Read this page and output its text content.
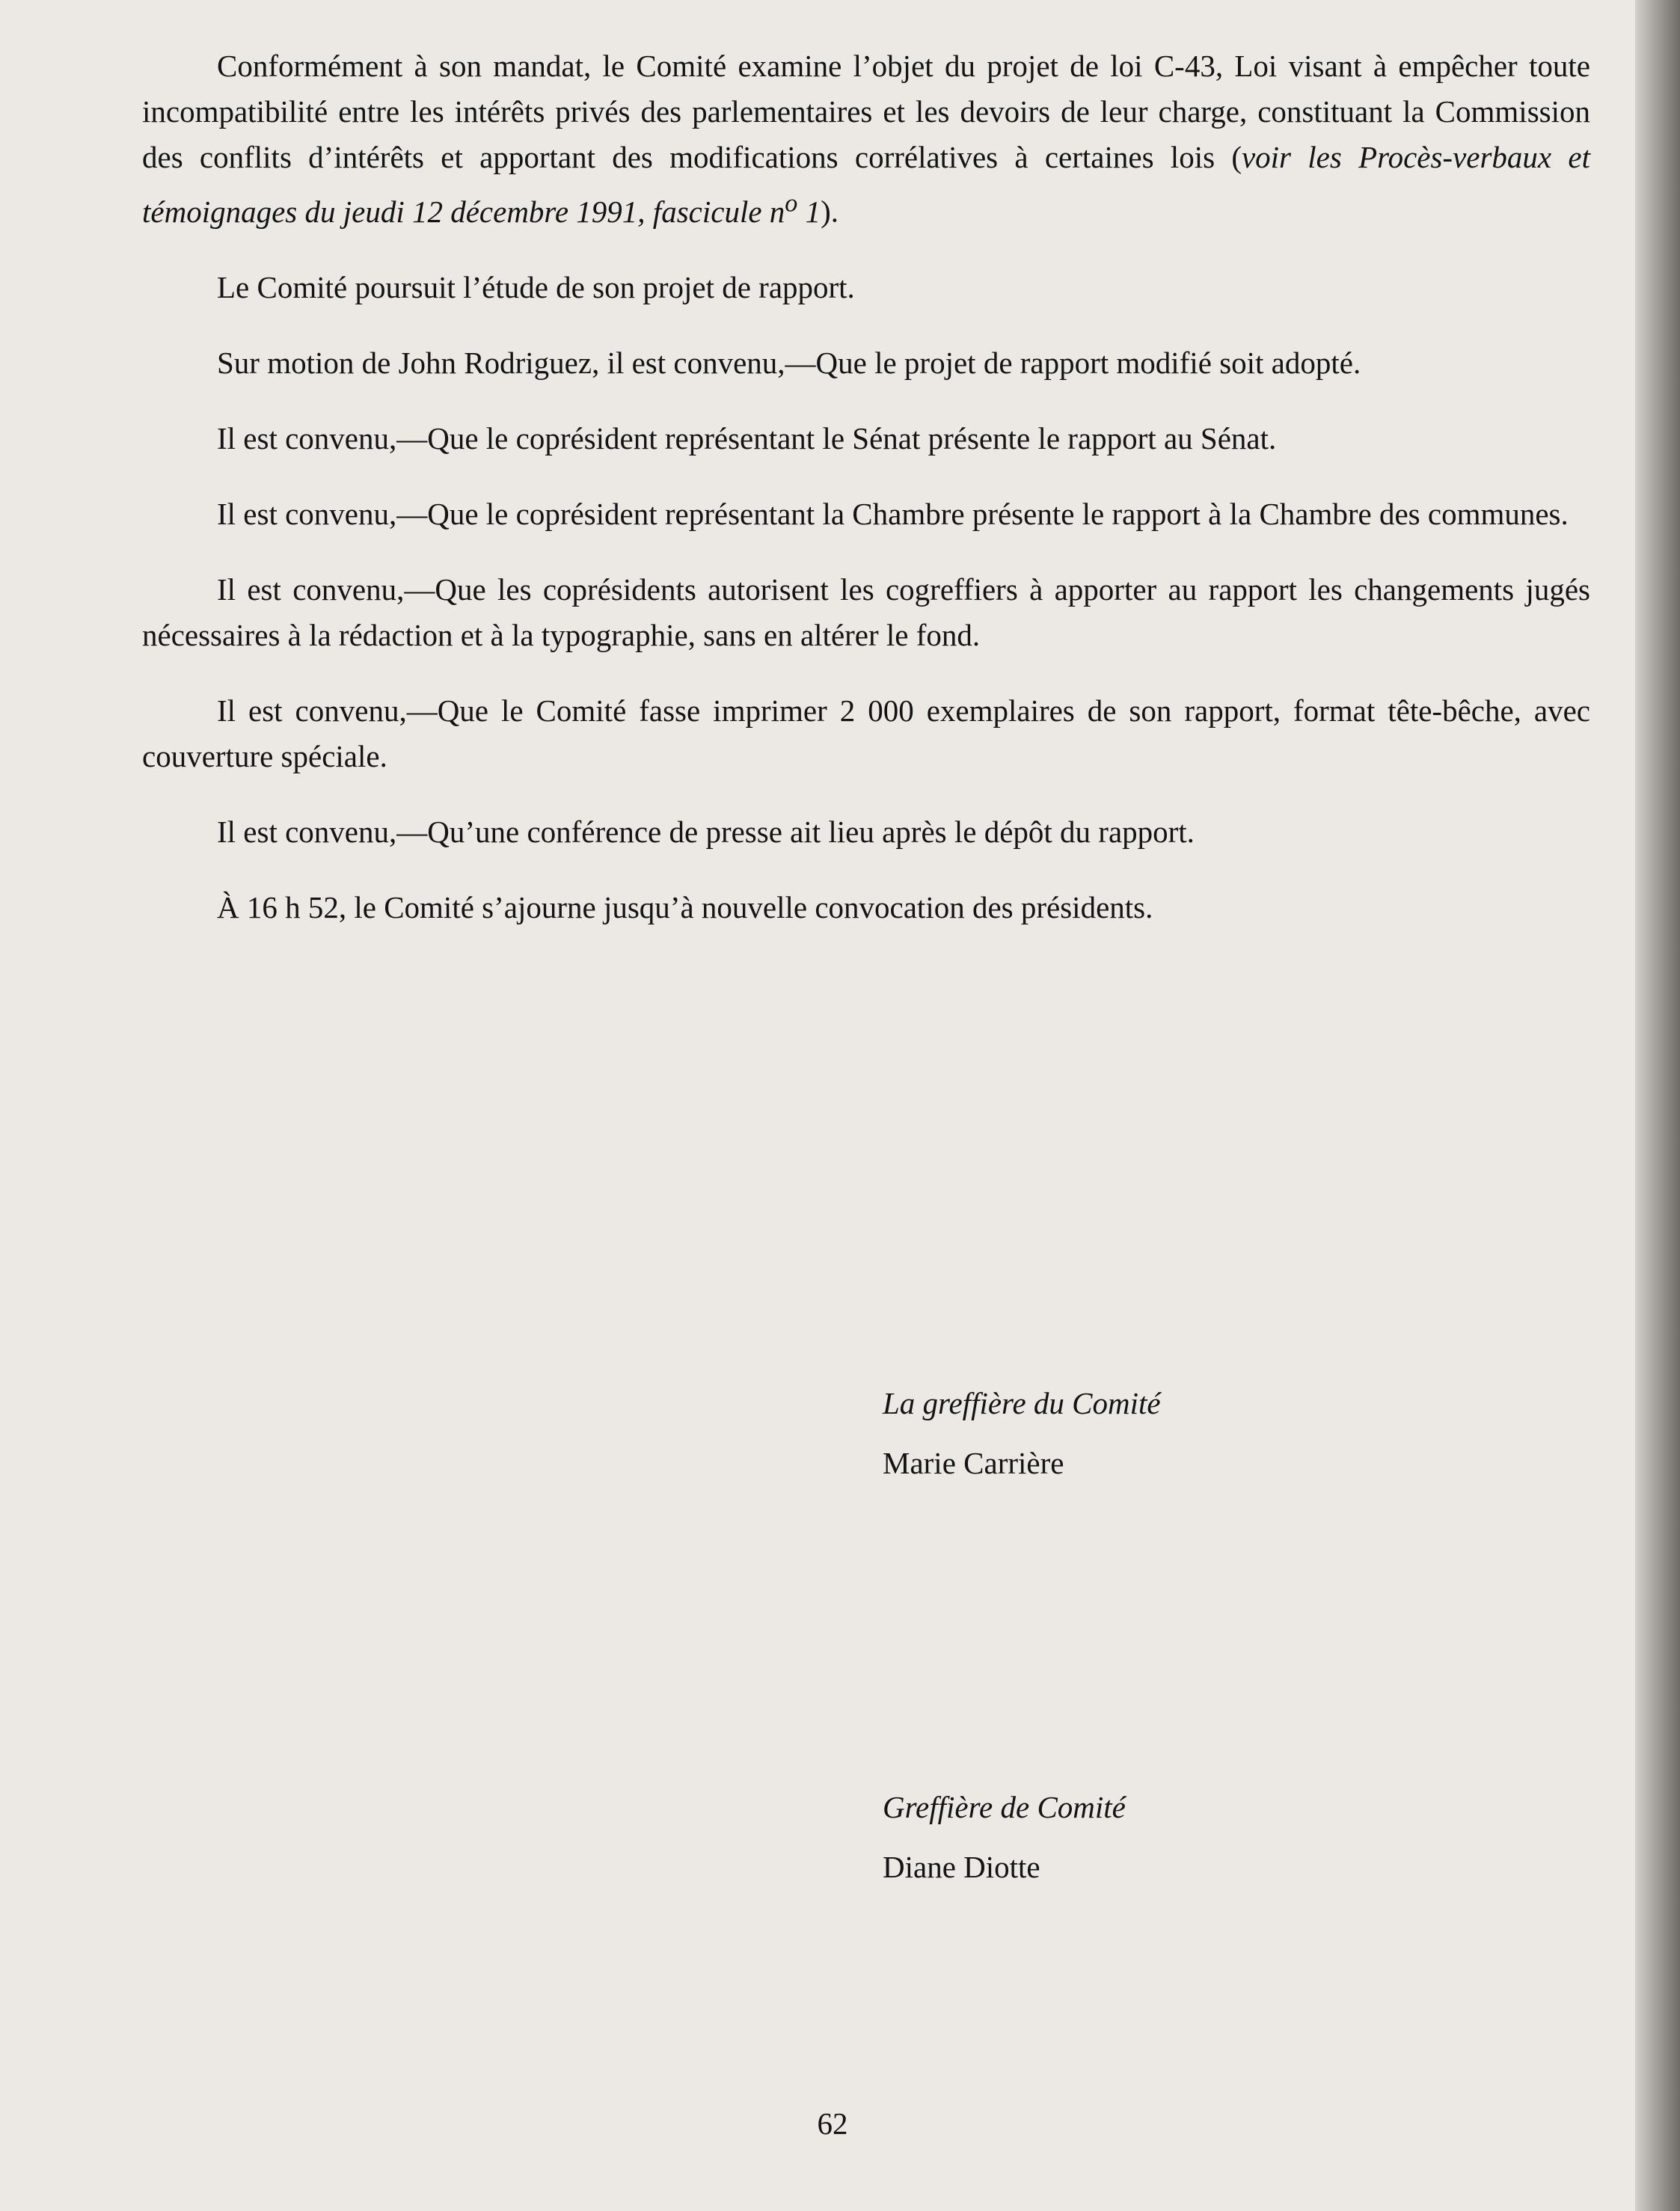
Conformément à son mandat, le Comité examine l’objet du projet de loi C-43, Loi visant à empêcher toute incompatibilité entre les intérêts privés des parlementaires et les devoirs de leur charge, constituant la Commission des conflits d’intérêts et apportant des modifications corrélatives à certaines lois (voir les Procès-verbaux et témoignages du jeudi 12 décembre 1991, fascicule $n^o$ 1).

Le Comité poursuit l’étude de son projet de rapport.

Sur motion de John Rodriguez, il est convenu,—Que le projet de rapport modifié soit adopté.

Il est convenu,—Que le coprésident représentant le Sénat présente le rapport au Sénat.

Il est convenu,—Que le coprésident représentant la Chambre présente le rapport à la Chambre des communes.

Il est convenu,—Que les coprésidents autorisent les cogreffiers à apporter au rapport les changements jugés nécessaires à la rédaction et à la typographie, sans en altérer le fond.

Il est convenu,—Que le Comité fasse imprimer 2 000 exemplaires de son rapport, format tête-bêche, avec couverture spéciale.

Il est convenu,—Qu’une conférence de presse ait lieu après le dépôt du rapport.

À 16 h 52, le Comité s’ajourne jusqu’à nouvelle convocation des présidents.

La greffière du Comité
Marie Carrière
Greffière de Comité
Diane Diotte
62
